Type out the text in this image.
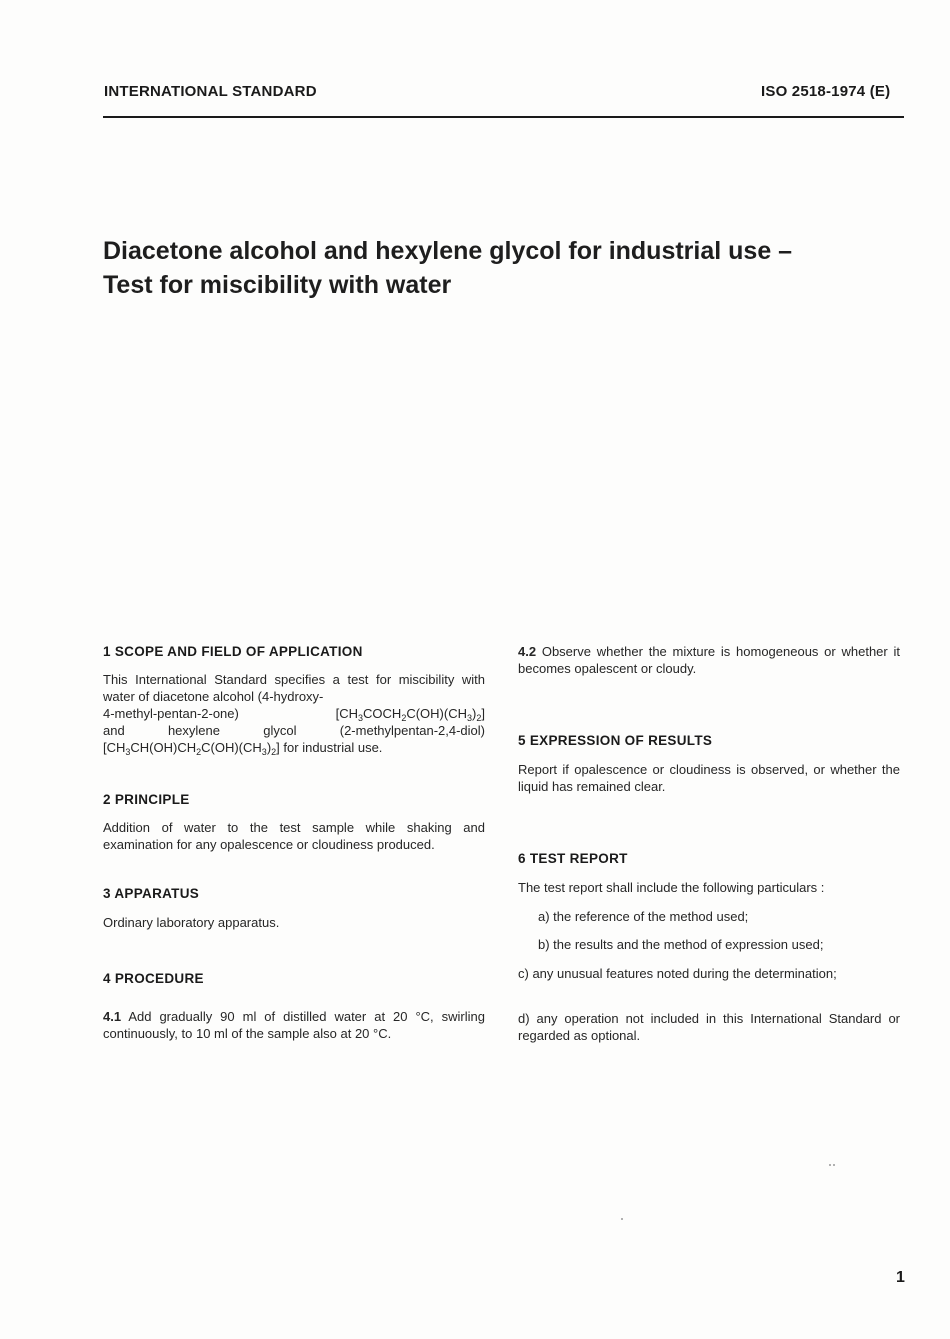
INTERNATIONAL STANDARD	ISO 2518-1974 (E)
Diacetone alcohol and hexylene glycol for industrial use –
Test for miscibility with water
1 SCOPE AND FIELD OF APPLICATION
This International Standard specifies a test for miscibility with water of diacetone alcohol (4-hydroxy-
4-methyl-pentan-2-one)	$[CH_3COCH_2C(OH)(CH_3)_2]$
and	hexylene	glycol	(2-methylpentan-2,4-diol)
$[CH_3CH(OH)CH_2C(OH)(CH_3)_2]$ for industrial use.
2 PRINCIPLE
Addition of water to the test sample while shaking and examination for any opalescence or cloudiness produced.
3 APPARATUS
Ordinary laboratory apparatus.
4 PROCEDURE
4.1 Add gradually 90 ml of distilled water at 20 °C, swirling continuously, to 10 ml of the sample also at 20 °C.
4.2 Observe whether the mixture is homogeneous or whether it becomes opalescent or cloudy.
5 EXPRESSION OF RESULTS
Report if opalescence or cloudiness is observed, or whether the liquid has remained clear.
6 TEST REPORT
The test report shall include the following particulars :
a) the reference of the method used;
b) the results and the method of expression used;
c) any unusual features noted during the determination;
d) any operation not included in this International Standard or regarded as optional.
1
